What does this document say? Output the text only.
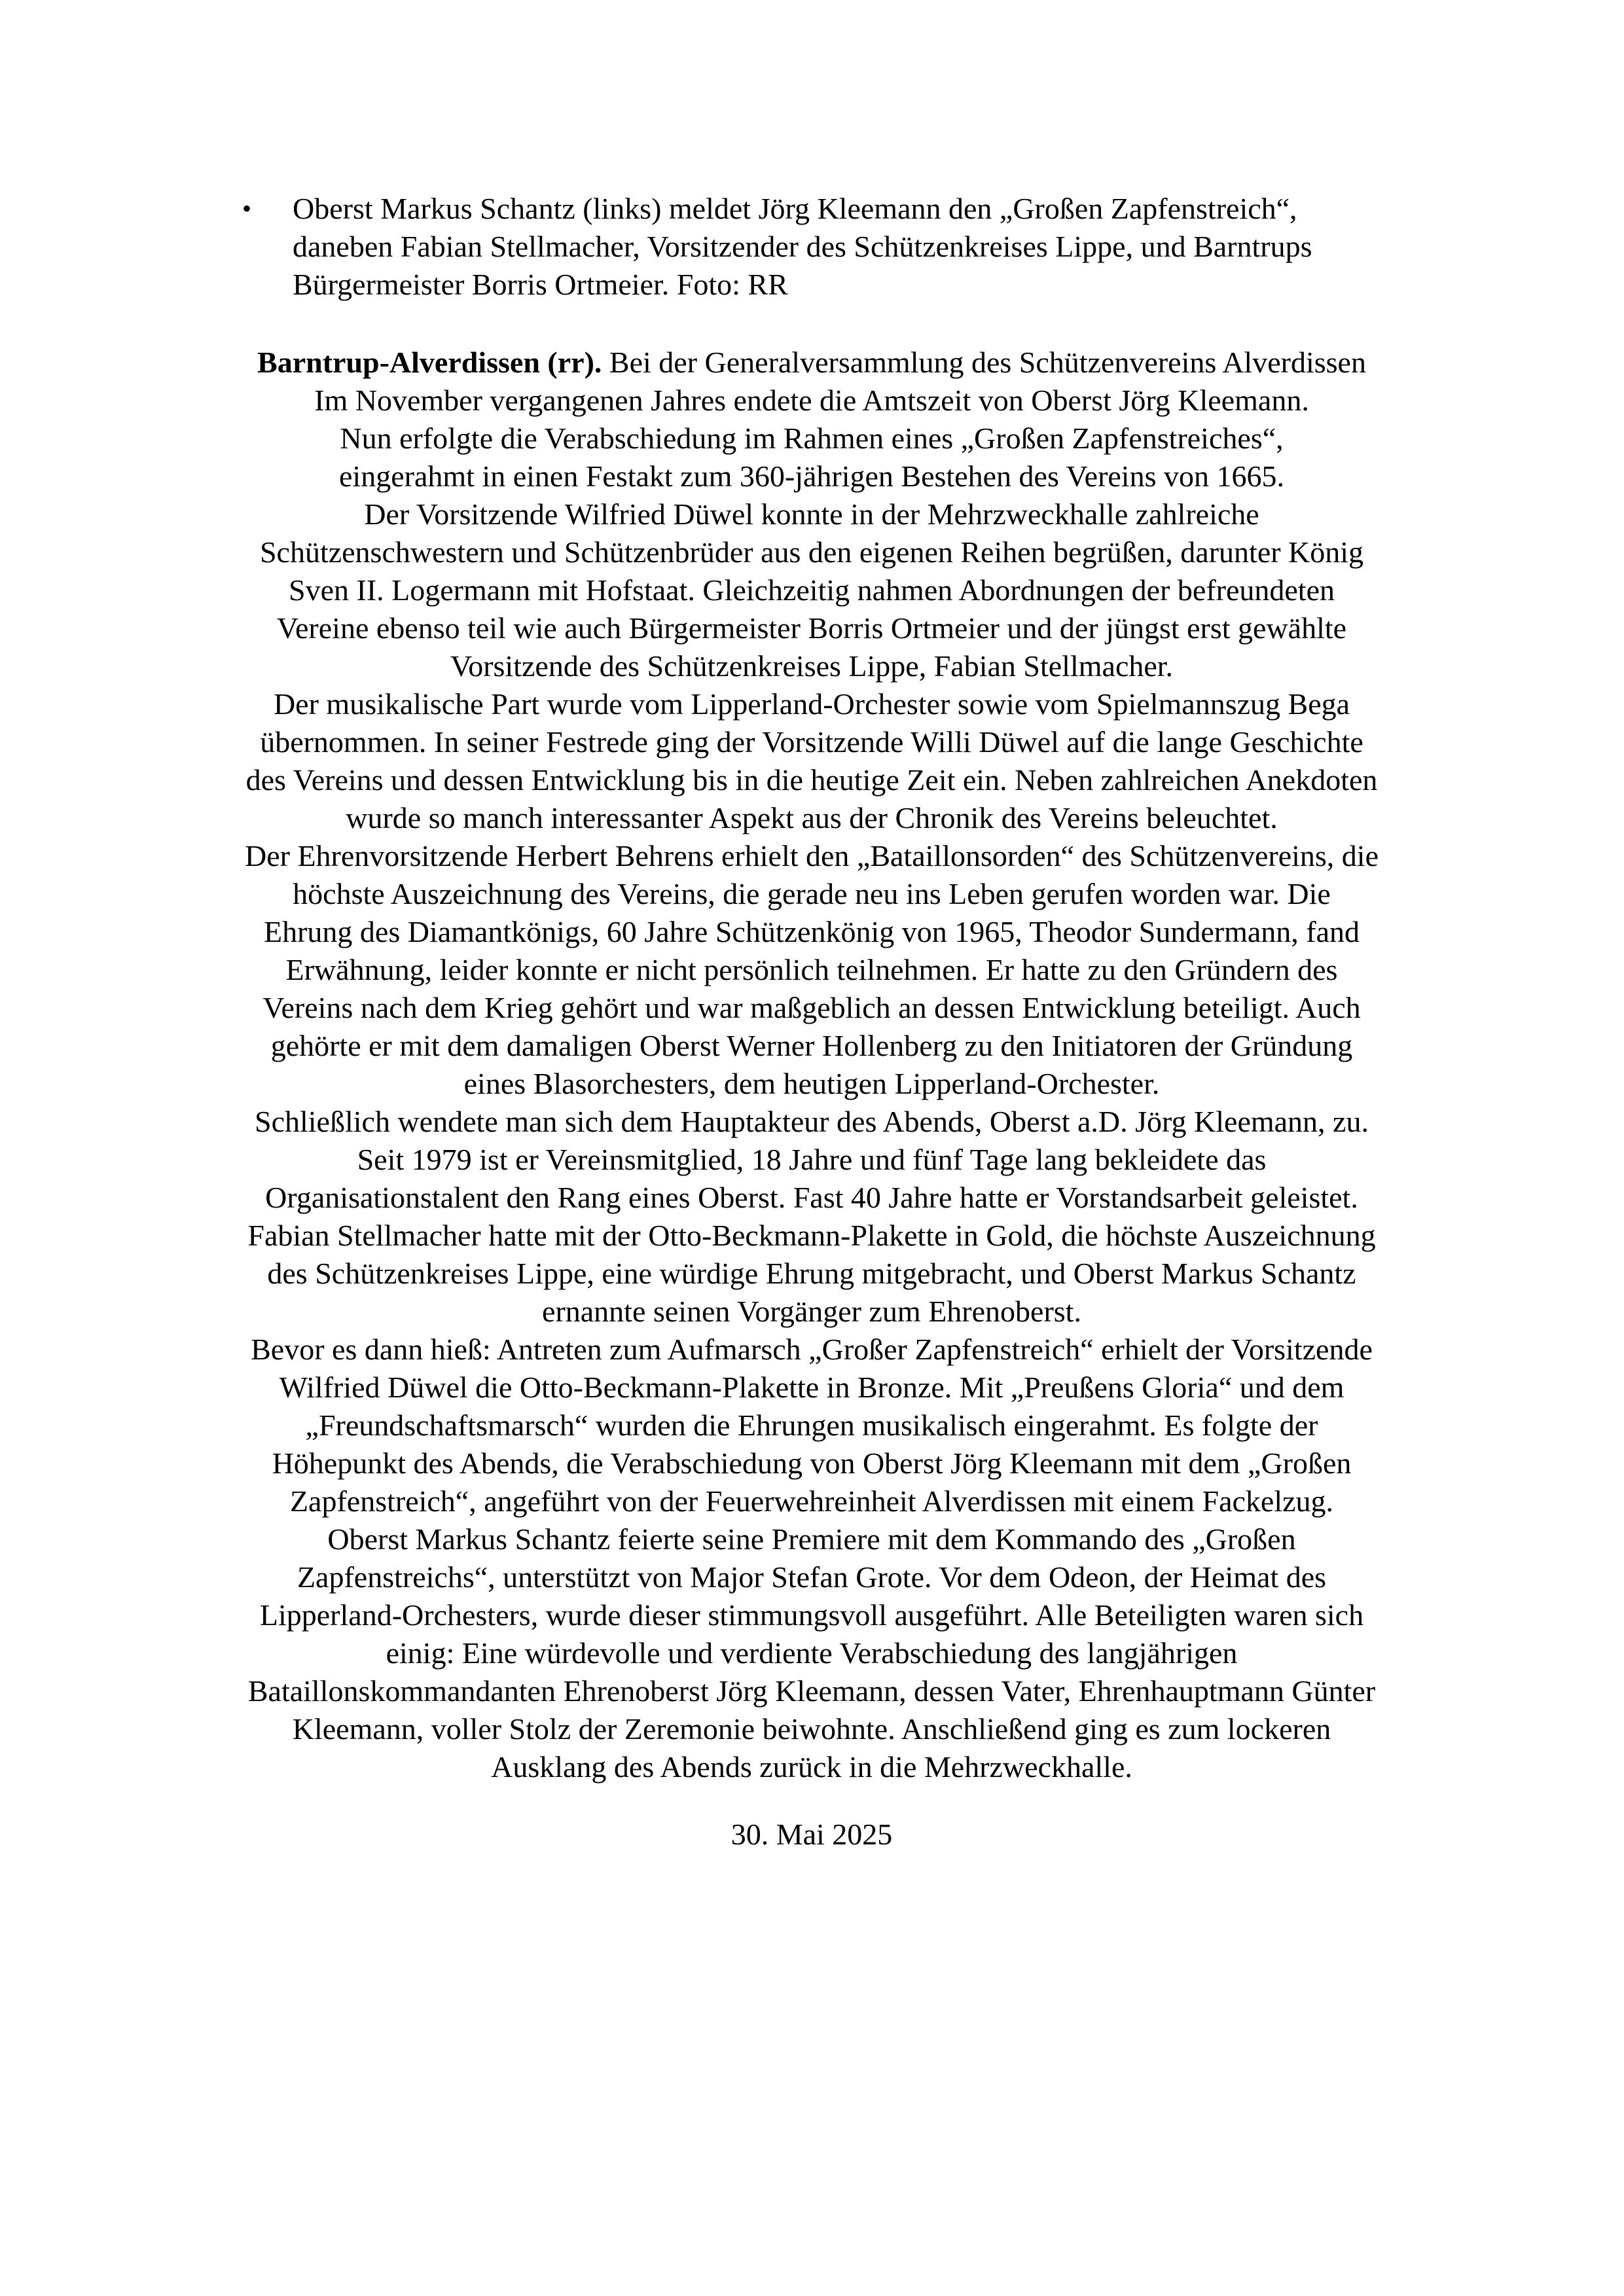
• Oberst Markus Schantz (links) meldet Jörg Kleemann den „Großen Zapfenstreich“,
daneben Fabian Stellmacher, Vorsitzender des Schützenkreises Lippe, und Barntrups
Bürgermeister Borris Ortmeier. Foto: RR
Barntrup-Alverdissen (rr). Bei der Generalversammlung des Schützenvereins Alverdissen
Im November vergangenen Jahres endete die Amtszeit von Oberst Jörg Kleemann.
Nun erfolgte die Verabschiedung im Rahmen eines „Großen Zapfenstreiches“,
eingerahmt in einen Festakt zum 360-jährigen Bestehen des Vereins von 1665.
Der Vorsitzende Wilfried Düwel konnte in der Mehrzweckhalle zahlreiche
Schützenschwestern und Schützenbrüder aus den eigenen Reihen begrüßen, darunter König
Sven II. Logermann mit Hofstaat. Gleichzeitig nahmen Abordnungen der befreundeten
Vereine ebenso teil wie auch Bürgermeister Borris Ortmeier und der jüngst erst gewählte
Vorsitzende des Schützenkreises Lippe, Fabian Stellmacher.
Der musikalische Part wurde vom Lipperland-Orchester sowie vom Spielmannszug Bega
übernommen. In seiner Festrede ging der Vorsitzende Willi Düwel auf die lange Geschichte
des Vereins und dessen Entwicklung bis in die heutige Zeit ein. Neben zahlreichen Anekdoten
wurde so manch interessanter Aspekt aus der Chronik des Vereins beleuchtet.
Der Ehrenvorsitzende Herbert Behrens erhielt den „Bataillonsorden“ des Schützenvereins, die
höchste Auszeichnung des Vereins, die gerade neu ins Leben gerufen worden war. Die
Ehrung des Diamantkönigs, 60 Jahre Schützenkönig von 1965, Theodor Sundermann, fand
Erwähnung, leider konnte er nicht persönlich teilnehmen. Er hatte zu den Gründern des
Vereins nach dem Krieg gehört und war maßgeblich an dessen Entwicklung beteiligt. Auch
gehörte er mit dem damaligen Oberst Werner Hollenberg zu den Initiatoren der Gründung
eines Blasorchesters, dem heutigen Lipperland-Orchester.
Schließlich wendete man sich dem Hauptakteur des Abends, Oberst a.D. Jörg Kleemann, zu.
Seit 1979 ist er Vereinsmitglied, 18 Jahre und fünf Tage lang bekleidete das
Organisationstalent den Rang eines Oberst. Fast 40 Jahre hatte er Vorstandsarbeit geleistet.
Fabian Stellmacher hatte mit der Otto-Beckmann-Plakette in Gold, die höchste Auszeichnung
des Schützenkreises Lippe, eine würdige Ehrung mitgebracht, und Oberst Markus Schantz
ernannte seinen Vorgänger zum Ehrenoberst.
Bevor es dann hieß: Antreten zum Aufmarsch „Großer Zapfenstreich“ erhielt der Vorsitzende
Wilfried Düwel die Otto-Beckmann-Plakette in Bronze. Mit „Preußens Gloria“ und dem
„Freundschaftsmarsch“ wurden die Ehrungen musikalisch eingerahmt. Es folgte der
Höhepunkt des Abends, die Verabschiedung von Oberst Jörg Kleemann mit dem „Großen
Zapfenstreich“, angeführt von der Feuerwehreinheit Alverdissen mit einem Fackelzug.
Oberst Markus Schantz feierte seine Premiere mit dem Kommando des „Großen
Zapfenstreichs“, unterstützt von Major Stefan Grote. Vor dem Odeon, der Heimat des
Lipperland-Orchesters, wurde dieser stimmungsvoll ausgeführt. Alle Beteiligten waren sich
einig: Eine würdevolle und verdiente Verabschiedung des langjährigen
Bataillonskommandanten Ehrenoberst Jörg Kleemann, dessen Vater, Ehrenhauptmann Günter
Kleemann, voller Stolz der Zeremonie beiwohnte. Anschließend ging es zum lockeren
Ausklang des Abends zurück in die Mehrzweckhalle.
30. Mai 2025
